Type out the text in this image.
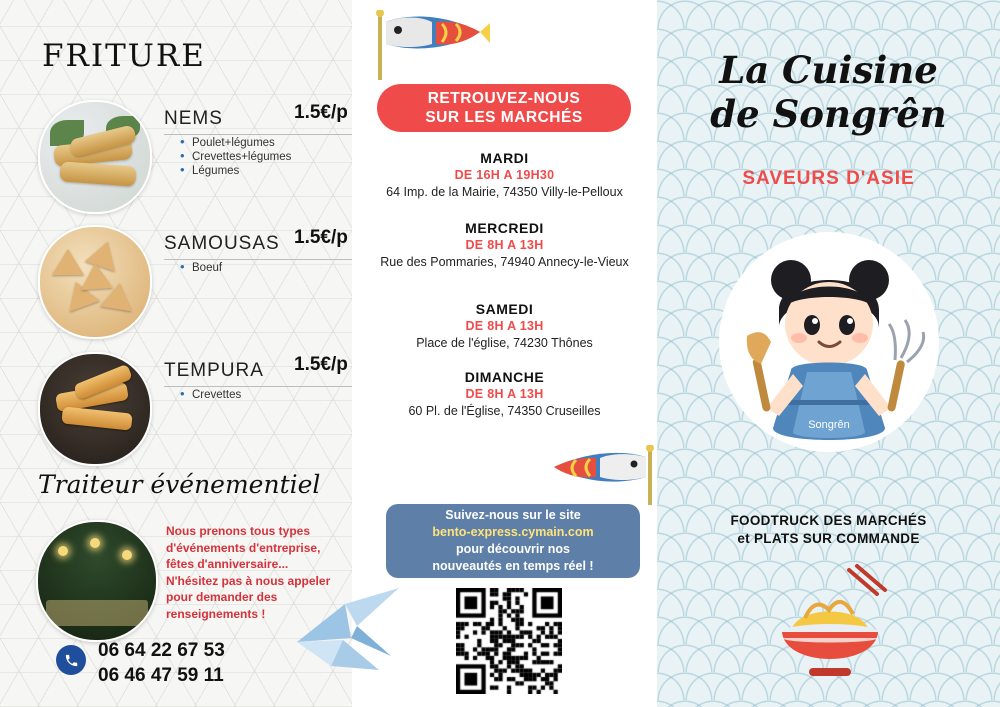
FRITURE
NEMS	1.5€/p
• Poulet+légumes
• Crevettes+légumes
• Légumes
SAMOUSAS 1.5€/p
• Boeuf
TEMPURA 1.5€/p
• Crevettes
Traiteur événementiel
Nous prenons tous types d'événements d'entreprise, fêtes d'anniversaire... N'hésitez pas à nous appeler pour demander des renseignements !
06 64 22 67 53
06 46 47 59 11
RETROUVEZ-NOUS
SUR LES MARCHÉS
MARDI
DE 16H A 19H30
64 Imp. de la Mairie, 74350 Villy-le-Pelloux
MERCREDI
DE 8H A 13H
Rue des Pommaries, 74940 Annecy-le-Vieux
SAMEDI
DE 8H A 13H
Place de l'église, 74230 Thônes
DIMANCHE
DE 8H A 13H
60 Pl. de l'Église, 74350 Cruseilles
Suivez-nous sur le site
bento-express.cymain.com
pour découvrir nos
nouveautés en temps réel !
La Cuisine
de Songrên
SAVEURS D'ASIE
Songrên
FOODTRUCK DES MARCHÉS
et PLATS SUR COMMANDE
